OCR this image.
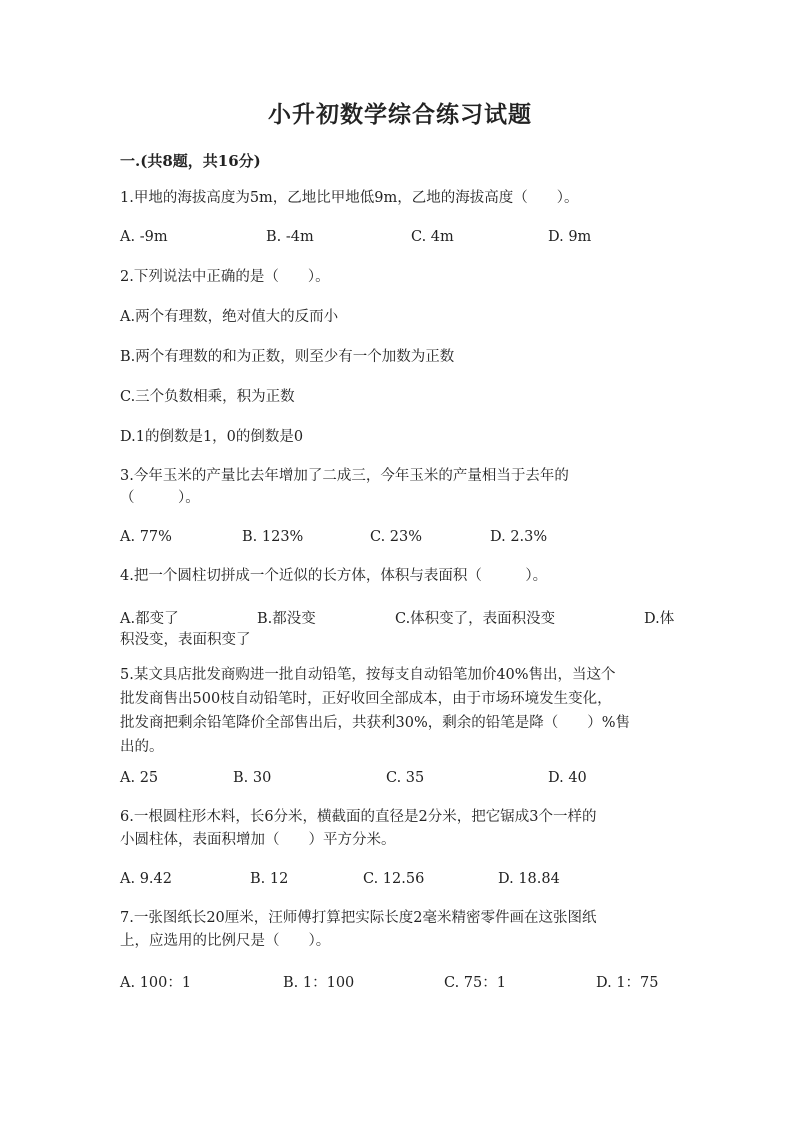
小升初数学综合练习试题
一.(共8题，共16分)
1.甲地的海拔高度为5m，乙地比甲地低9m，乙地的海拔高度（　　）。
A. -9m	B. -4m	C. 4m	D. 9m
2.下列说法中正确的是（　　）。
A.两个有理数，绝对值大的反而小
B.两个有理数的和为正数，则至少有一个加数为正数
C.三个负数相乘，积为正数
D.1的倒数是1，0的倒数是0
3.今年玉米的产量比去年增加了二成三，今年玉米的产量相当于去年的
（　　　）。
A. 77%	B. 123%	C. 23%	D. 2.3%
4.把一个圆柱切拼成一个近似的长方体，体积与表面积（　　　）。
A.都变了	B.都没变	C.体积变了，表面积没变	D.体
积没变，表面积变了
5.某文具店批发商购进一批自动铅笔，按每支自动铅笔加价40%售出，当这个
批发商售出500枝自动铅笔时，正好收回全部成本，由于市场环境发生变化，
批发商把剩余铅笔降价全部售出后，共获利30%，剩余的铅笔是降（　　）%售
出的。
A. 25	B. 30	C. 35	D. 40
6.一根圆柱形木料，长6分米，横截面的直径是2分米，把它锯成3个一样的
小圆柱体，表面积增加（　　）平方分米。
A. 9.42	B. 12	C. 12.56	D. 18.84
7.一张图纸长20厘米，汪师傅打算把实际长度2毫米精密零件画在这张图纸
上，应选用的比例尺是（　　）。
A. 100：1	B. 1：100	C. 75：1	D. 1：75
